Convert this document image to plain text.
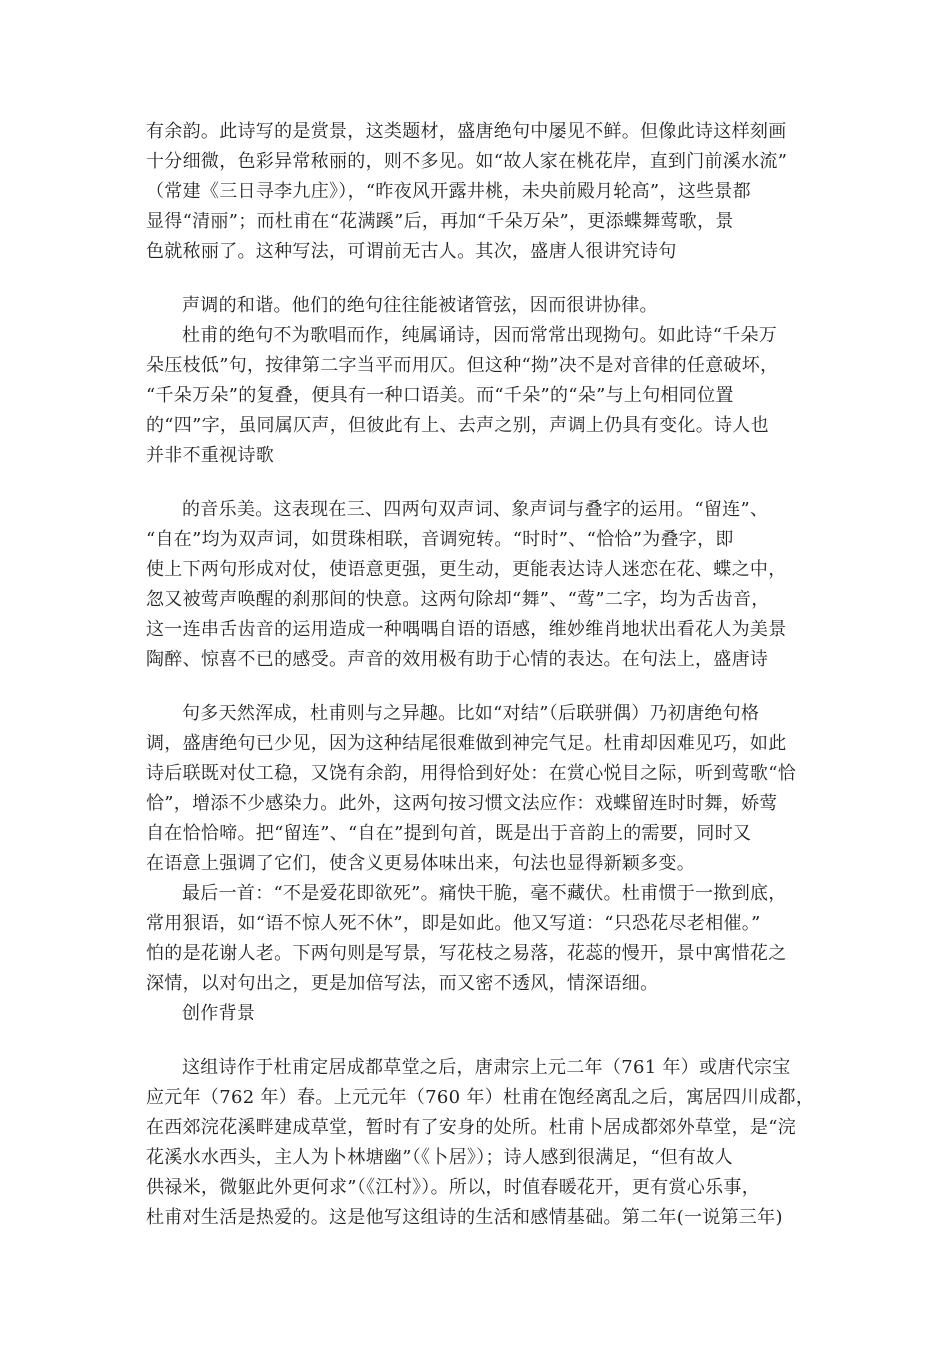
有余韵。此诗写的是赏景，这类题材，盛唐绝句中屡见不鲜。但像此诗这样刻画
十分细微，色彩异常秾丽的，则不多见。如“故人家在桃花岸，直到门前溪水流”
（常建《三日寻李九庄》），“昨夜风开露井桃，未央前殿月轮高”，这些景都
显得“清丽”；而杜甫在“花满蹊”后，再加“千朵万朵”，更添蝶舞莺歌，景
色就秾丽了。这种写法，可谓前无古人。其次，盛唐人很讲究诗句
声调的和谐。他们的绝句往往能被诸管弦，因而很讲协律。
杜甫的绝句不为歌唱而作，纯属诵诗，因而常常出现拗句。如此诗“千朵万
朵压枝低”句，按律第二字当平而用仄。但这种“拗”决不是对音律的任意破坏，
“千朵万朵”的复叠，便具有一种口语美。而“千朵”的“朵”与上句相同位置
的“四”字，虽同属仄声，但彼此有上、去声之别，声调上仍具有变化。诗人也
并非不重视诗歌
的音乐美。这表现在三、四两句双声词、象声词与叠字的运用。“留连”、
“自在”均为双声词，如贯珠相联，音调宛转。“时时”、“恰恰”为叠字，即
使上下两句形成对仗，使语意更强，更生动，更能表达诗人迷恋在花、蝶之中，
忽又被莺声唤醒的刹那间的快意。这两句除却“舞”、“莺”二字，均为舌齿音，
这一连串舌齿音的运用造成一种喁喁自语的语感，维妙维肖地状出看花人为美景
陶醉、惊喜不已的感受。声音的效用极有助于心情的表达。在句法上，盛唐诗
句多天然浑成，杜甫则与之异趣。比如“对结”（后联骈偶）乃初唐绝句格
调，盛唐绝句已少见，因为这种结尾很难做到神完气足。杜甫却因难见巧，如此
诗后联既对仗工稳，又饶有余韵，用得恰到好处：在赏心悦目之际，听到莺歌“恰
恰”，增添不少感染力。此外，这两句按习惯文法应作：戏蝶留连时时舞，娇莺
自在恰恰啼。把“留连”、“自在”提到句首，既是出于音韵上的需要，同时又
在语意上强调了它们，使含义更易体味出来，句法也显得新颖多变。
最后一首：“不是爱花即欲死”。痛快干脆，毫不藏伏。杜甫惯于一揿到底，
常用狠语，如“语不惊人死不休”，即是如此。他又写道：“只恐花尽老相催。”
怕的是花谢人老。下两句则是写景，写花枝之易落，花蕊的慢开，景中寓惜花之
深情，以对句出之，更是加倍写法，而又密不透风，情深语细。
创作背景
这组诗作于杜甫定居成都草堂之后，唐肃宗上元二年（761 年）或唐代宗宝
应元年（762 年）春。上元元年（760 年）杜甫在饱经离乱之后，寓居四川成都，
在西郊浣花溪畔建成草堂，暂时有了安身的处所。杜甫卜居成都郊外草堂，是“浣
花溪水水西头，主人为卜林塘幽”（《卜居》）；诗人感到很满足，“但有故人
供禄米，微躯此外更何求”（《江村》）。所以，时值春暖花开，更有赏心乐事，
杜甫对生活是热爱的。这是他写这组诗的生活和感情基础。第二年(一说第三年)
